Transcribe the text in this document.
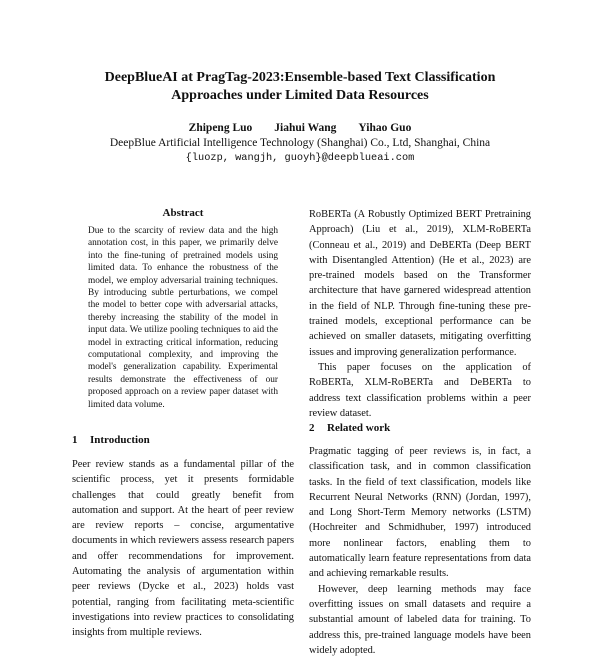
DeepBlueAI at PragTag-2023:Ensemble-based Text Classification
Approaches under Limited Data Resources
Zhipeng Luo Jiahui Wang Yihao Guo
DeepBlue Artificial Intelligence Technology (Shanghai) Co., Ltd, Shanghai, China
{luozp, wangjh, guoyh}@deepblueai.com
Abstract
Due to the scarcity of review data and the high annotation cost, in this paper, we primarily delve into the fine-tuning of pretrained models using limited data. To enhance the robustness of the model, we employ adversarial training techniques. By introducing subtle perturbations, we compel the model to better cope with adversarial attacks, thereby increasing the stability of the model in input data. We utilize pooling techniques to aid the model in extracting critical information, reducing computational complexity, and improving the model's generalization capability. Experimental results demonstrate the effectiveness of our proposed approach on a review paper dataset with limited data volume.
1 Introduction

Peer review stands as a fundamental pillar of the scientific process, yet it presents formidable challenges that could greatly benefit from automation and support. At the heart of peer review are review reports – concise, argumentative documents in which reviewers assess research papers and offer recommendations for improvement. Automating the analysis of argumentation within peer reviews (Dycke et al., 2023) holds vast potential, ranging from facilitating meta-scientific investigations into review practices to consolidating insights from multiple reviews.

RoBERTa (A Robustly Optimized BERT Pretraining Approach) (Liu et al., 2019), XLM-RoBERTa (Conneau et al., 2019) and DeBERTa (Deep BERT with Disentangled Attention) (He et al., 2023) are pre-trained models based on the Transformer architecture that have garnered widespread attention in the field of NLP. Through fine-tuning these pre-trained models, exceptional performance can be achieved on smaller datasets, mitigating overfitting issues and improving generalization performance.

This paper focuses on the application of RoBERTa, XLM-RoBERTa and DeBERTa to address text classification problems within a peer review dataset.

2 Related work

Pragmatic tagging of peer reviews is, in fact, a classification task, and in common classification tasks. In the field of text classification, models like Recurrent Neural Networks (RNN) (Jordan, 1997), and Long Short-Term Memory networks (LSTM) (Hochreiter and Schmidhuber, 1997) introduced more nonlinear factors, enabling them to automatically learn feature representations from data and achieving remarkable results.

However, deep learning methods may face overfitting issues on small datasets and require a substantial amount of labeled data for training. To address this, pre-trained language models have been widely adopted.
